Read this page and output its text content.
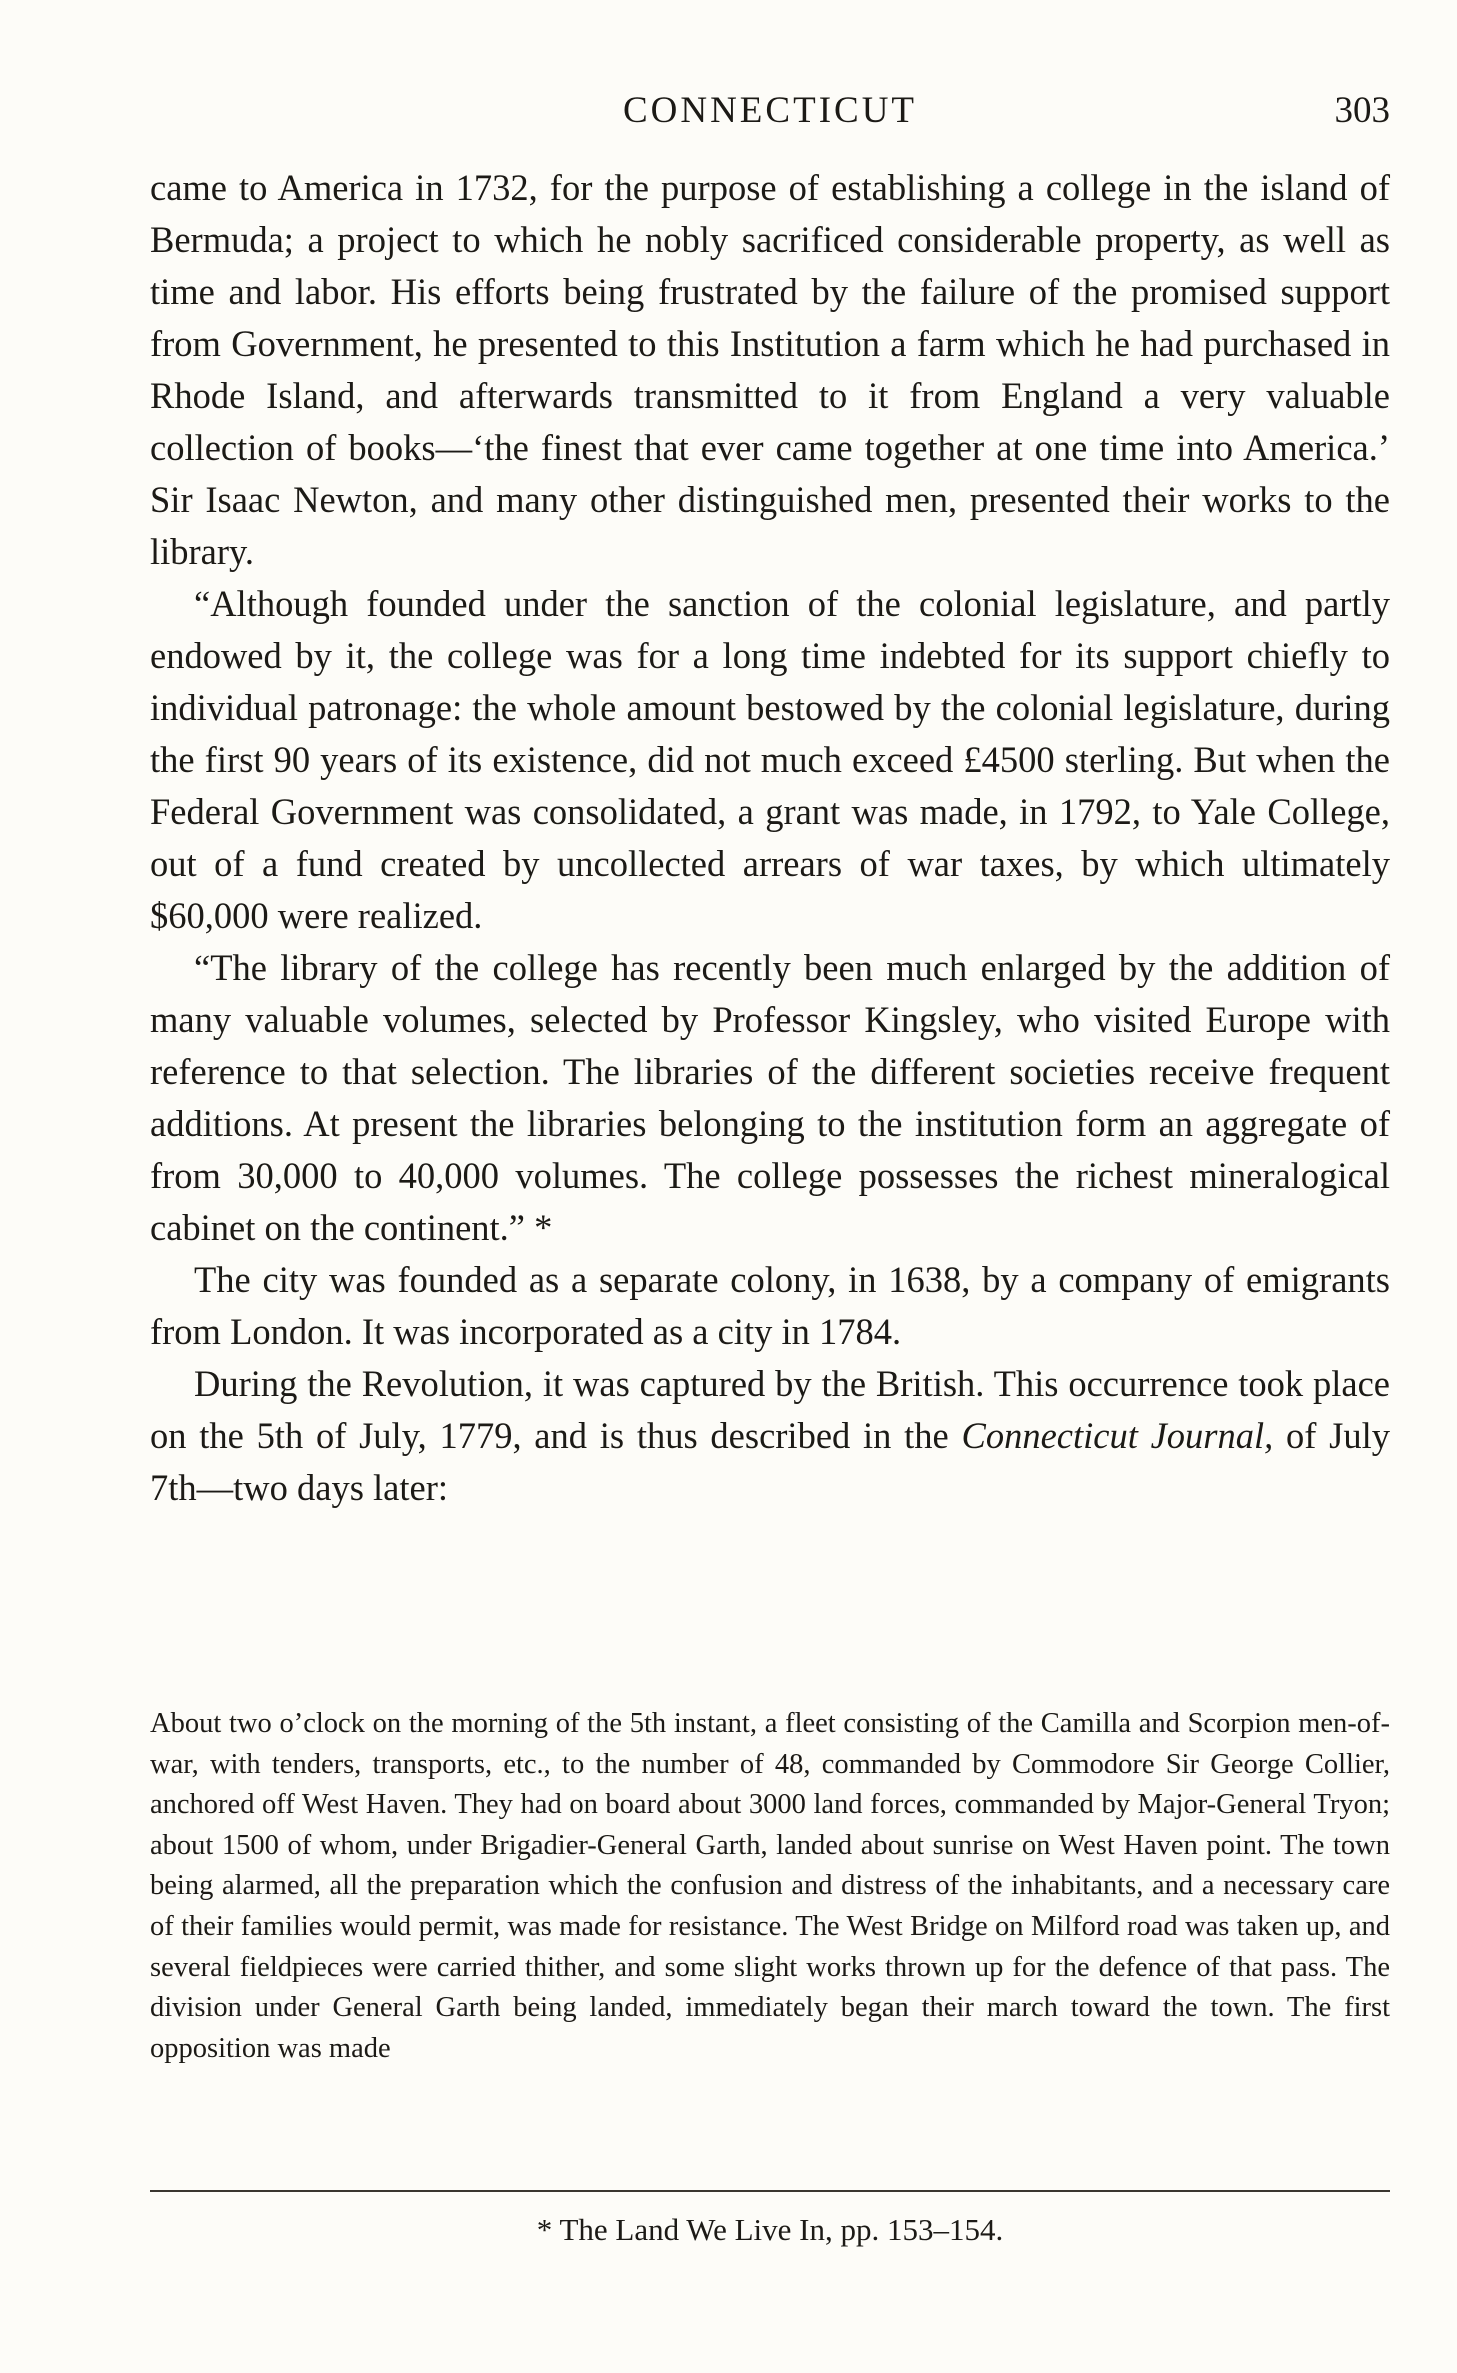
CONNECTICUT	303

came to America in 1732, for the purpose of establishing a college in the island of Bermuda; a project to which he nobly sacrificed considerable property, as well as time and labor. His efforts being frustrated by the failure of the promised support from Government, he presented to this Institution a farm which he had purchased in Rhode Island, and afterwards transmitted to it from England a very valuable collection of books—‘the finest that ever came together at one time into America.’ Sir Isaac Newton, and many other distinguished men, presented their works to the library.

“Although founded under the sanction of the colonial legislature, and partly endowed by it, the college was for a long time indebted for its support chiefly to individual patronage: the whole amount bestowed by the colonial legislature, during the first 90 years of its existence, did not much exceed £4500 sterling. But when the Federal Government was consolidated, a grant was made, in 1792, to Yale College, out of a fund created by uncollected arrears of war taxes, by which ultimately $60,000 were realized.

“The library of the college has recently been much enlarged by the addition of many valuable volumes, selected by Professor Kingsley, who visited Europe with reference to that selection. The libraries of the different societies receive frequent additions. At present the libraries belonging to the institution form an aggregate of from 30,000 to 40,000 volumes. The college possesses the richest mineralogical cabinet on the continent.” *

The city was founded as a separate colony, in 1638, by a company of emigrants from London. It was incorporated as a city in 1784.

During the Revolution, it was captured by the British. This occurrence took place on the 5th of July, 1779, and is thus described in the Connecticut Journal, of July 7th—two days later:

About two o’clock on the morning of the 5th instant, a fleet consisting of the Camilla and Scorpion men-of-war, with tenders, transports, etc., to the number of 48, commanded by Commodore Sir George Collier, anchored off West Haven. They had on board about 3000 land forces, commanded by Major-General Tryon; about 1500 of whom, under Brigadier-General Garth, landed about sunrise on West Haven point. The town being alarmed, all the preparation which the confusion and distress of the inhabitants, and a necessary care of their families would permit, was made for resistance. The West Bridge on Milford road was taken up, and several fieldpieces were carried thither, and some slight works thrown up for the defence of that pass. The division under General Garth being landed, immediately began their march toward the town. The first opposition was made

* The Land We Live In, pp. 153–154.
